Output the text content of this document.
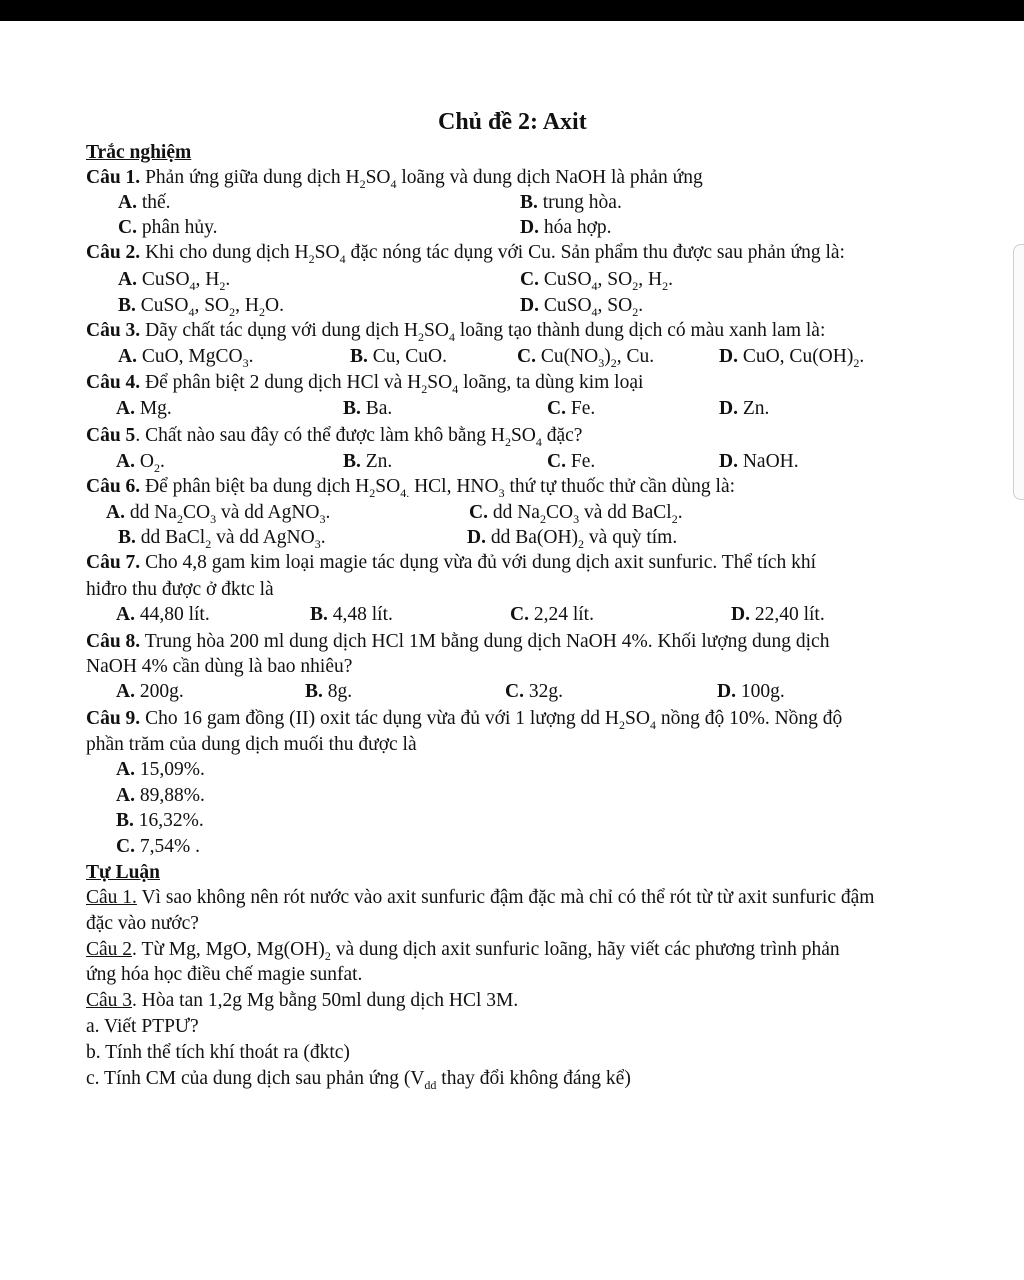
Chủ đề 2: Axit
Trắc nghiệm
Câu 1. Phản ứng giữa dung dịch $H_2SO_4$ loãng và dung dịch NaOH là phản ứng
A. thế.	B. trung hòa.
C. phân hủy.	D. hóa hợp.
Câu 2. Khi cho dung dịch $H_2SO_4$ đặc nóng tác dụng với Cu. Sản phẩm thu được sau phản ứng là:
A. CuSO$_4$, $H_2$.	C. CuSO$_4$, $SO_2$, $H_2$.
B. CuSO$_4$, $SO_2$, $H_2O$.	D. CuSO$_4$, $SO_2$.
Câu 3. Dãy chất tác dụng với dung dịch $H_2SO_4$ loãng tạo thành dung dịch có màu xanh lam là:
A. CuO, MgCO$_3$.	B. Cu, CuO.	C. $Cu(NO_3)_2$, Cu.	D. CuO, $Cu(OH)_2$.
Câu 4. Để phân biệt 2 dung dịch HCl và $H_2SO_4$ loãng, ta dùng kim loại
A. Mg.	B. Ba.	C. Fe.	D. Zn.
Câu 5. Chất nào sau đây có thể được làm khô bằng $H_2SO_4$ đặc?
A. $O_2$.	B. Zn.	C. Fe.	D. NaOH.
Câu 6. Để phân biệt ba dung dịch $H_2SO_{4.}$ HCl, $HNO_3$ thứ tự thuốc thử cần dùng là:
A. dd $Na_2CO_3$ và dd AgNO$_3$.	C. dd $Na_2CO_3$ và dd BaCl$_2$.
B. dd BaCl$_2$ và dd AgNO$_3$.	D. dd $Ba(OH)_2$ và quỳ tím.
Câu 7. Cho 4,8 gam kim loại magie tác dụng vừa đủ với dung dịch axit sunfuric. Thể tích khí
hiđro thu được ở đktc là
A. 44,80 lít.	B. 4,48 lít.	C. 2,24 lít.	D. 22,40 lít.
Câu 8. Trung hòa 200 ml dung dịch HCl 1M bằng dung dịch NaOH 4%. Khối lượng dung dịch
NaOH 4% cần dùng là bao nhiêu?
A. 200g.	B. 8g.	C. 32g.	D. 100g.
Câu 9. Cho 16 gam đồng (II) oxit tác dụng vừa đủ với 1 lượng dd $H_2SO_4$ nồng độ 10%. Nồng độ
phần trăm của dung dịch muối thu được là
A. 15,09%.
A. 89,88%.
B. 16,32%.
C. 7,54% .
Tự Luận
Câu 1. Vì sao không nên rót nước vào axit sunfuric đậm đặc mà chỉ có thể rót từ từ axit sunfuric đậm
đặc vào nước?
Câu 2. Từ Mg, MgO, $Mg(OH)_2$ và dung dịch axit sunfuric loãng, hãy viết các phương trình phản
ứng hóa học điều chế magie sunfat.
Câu 3. Hòa tan 1,2g Mg bằng 50ml dung dịch HCl 3M.
a. Viết PTPƯ?
b. Tính thể tích khí thoát ra (đktc)
c. Tính CM của dung dịch sau phản ứng ($V_{dd}$ thay đổi không đáng kể)
